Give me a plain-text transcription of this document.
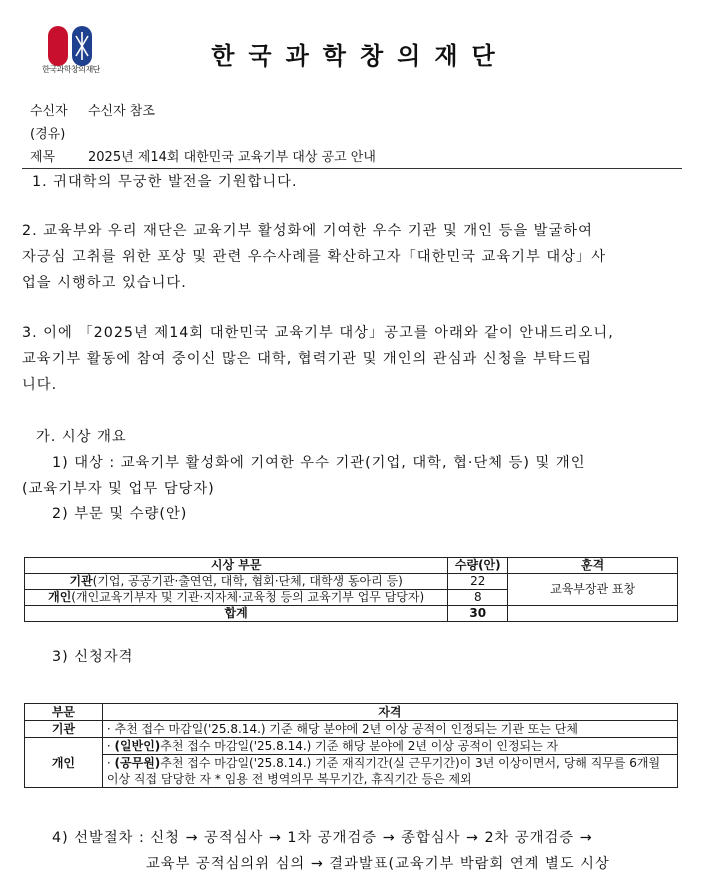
한국과학창의재단	한국과학창의재단
수신자 수신자 참조
(경유)
제목	2025년 제14회 대한민국 교육기부 대상 공고 안내
1. 귀대학의 무궁한 발전을 기원합니다.
2. 교육부와 우리 재단은 교육기부 활성화에 기여한 우수 기관 및 개인 등을 발굴하여
자긍심 고취를 위한 포상 및 관련 우수사례를 확산하고자「대한민국 교육기부 대상」사
업을 시행하고 있습니다.
3. 이에 「2025년 제14회 대한민국 교육기부 대상」공고를 아래와 같이 안내드리오니,
교육기부 활동에 참여 중이신 많은 대학, 협력기관 및 개인의 관심과 신청을 부탁드립
니다.
가. 시상 개요
1) 대상 : 교육기부 활성화에 기여한 우수 기관(기업, 대학, 협·단체 등) 및 개인
(교육기부자 및 업무 담당자)
2) 부문 및 수량(안)
시상 부문	수량(안)	훈격
기관(기업, 공공기관·출연연, 대학, 협회·단체, 대학생 동아리 등)	22	교육부장관 표창
개인(개인교육기부자 및 기관·지자체·교육청 등의 교육기부 업무 담당자)	8	
합계	30	
3) 신청자격
부문	자격
기관	· 추천 접수 마감일('25.8.14.) 기준 해당 분야에 2년 이상 공적이 인정되는 기관 또는 단체
개인	· (일반인)추천 접수 마감일('25.8.14.) 기준 해당 분야에 2년 이상 공적이 인정되는 자
	· (공무원)추천 접수 마감일('25.8.14.) 기준 재직기간(실 근무기간)이 3년 이상이면서, 당해 직무를 6개월 이상 직접 담당한 자 * 임용 전 병역의무 복무기간, 휴직기간 등은 제외
4) 선발절차 : 신청 → 공적심사 → 1차 공개검증 → 종합심사 → 2차 공개검증 →
교육부 공적심의위 심의 → 결과발표(교육기부 박람회 연계 별도 시상
